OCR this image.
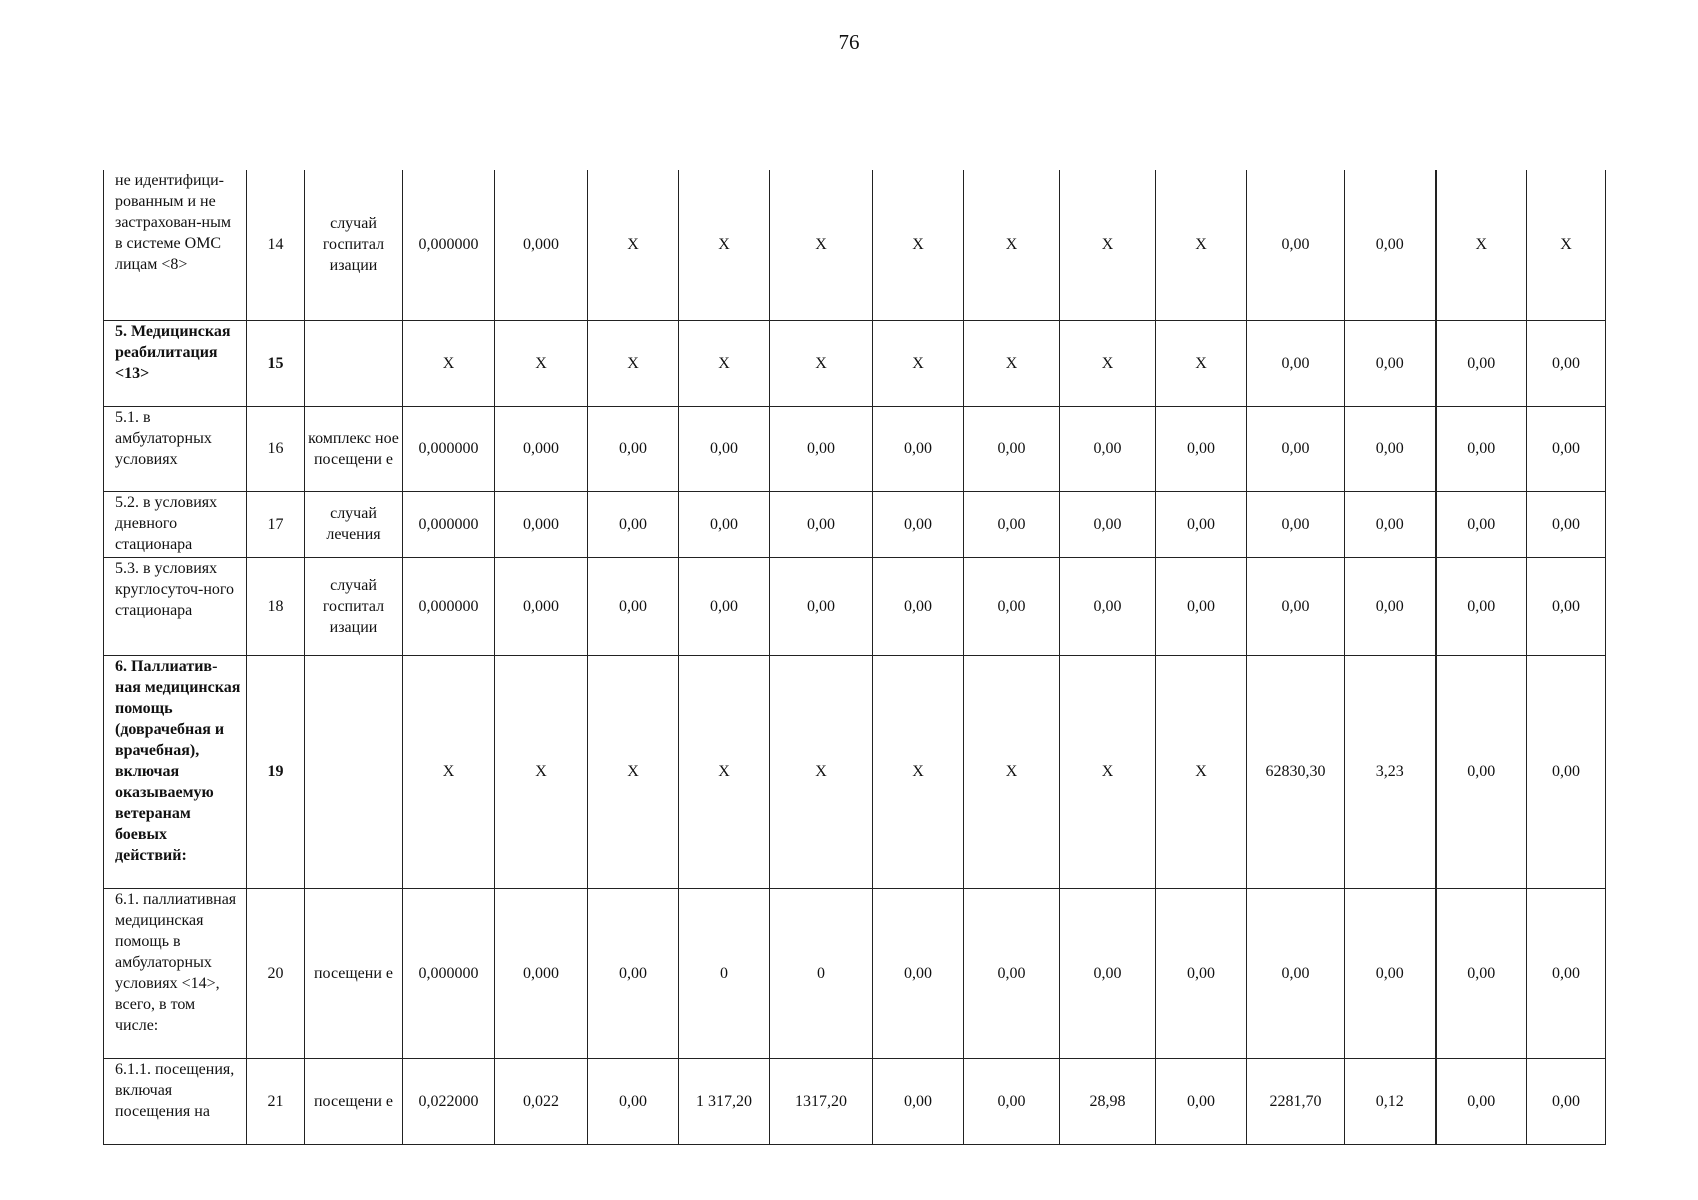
76
не идентифици-рованным и не застрахован-ным в системе ОМС лицам <8>	14	случай госпитал изации	0,000000	0,000	X	X	X	X	X	X	X	0,00	0,00	X	X
5. Медицинская реабилитация <13>	15		X	X	X	X	X	X	X	X	X	0,00	0,00	0,00	0,00
5.1. в амбулаторных условиях	16	комплекс ное посещени е	0,000000	0,000	0,00	0,00	0,00	0,00	0,00	0,00	0,00	0,00	0,00	0,00	0,00
5.2. в условиях дневного стационара	17	случай лечения	0,000000	0,000	0,00	0,00	0,00	0,00	0,00	0,00	0,00	0,00	0,00	0,00	0,00
5.3. в условиях круглосуточ-ного стационара	18	случай госпитал изации	0,000000	0,000	0,00	0,00	0,00	0,00	0,00	0,00	0,00	0,00	0,00	0,00	0,00
6. Паллиатив-ная медицинская помощь (доврачебная и врачебная), включая оказываемую ветеранам боевых действий:	19		X	X	X	X	X	X	X	X	X	62830,30	3,23	0,00	0,00
6.1. паллиативная медицинская помощь в амбулаторных условиях <14>, всего, в том числе:	20	посещени е	0,000000	0,000	0,00	0	0	0,00	0,00	0,00	0,00	0,00	0,00	0,00	0,00
6.1.1. посещения, включая посещения на	21	посещени е	0,022000	0,022	0,00	1 317,20	1317,20	0,00	0,00	28,98	0,00	2281,70	0,12	0,00	0,00
